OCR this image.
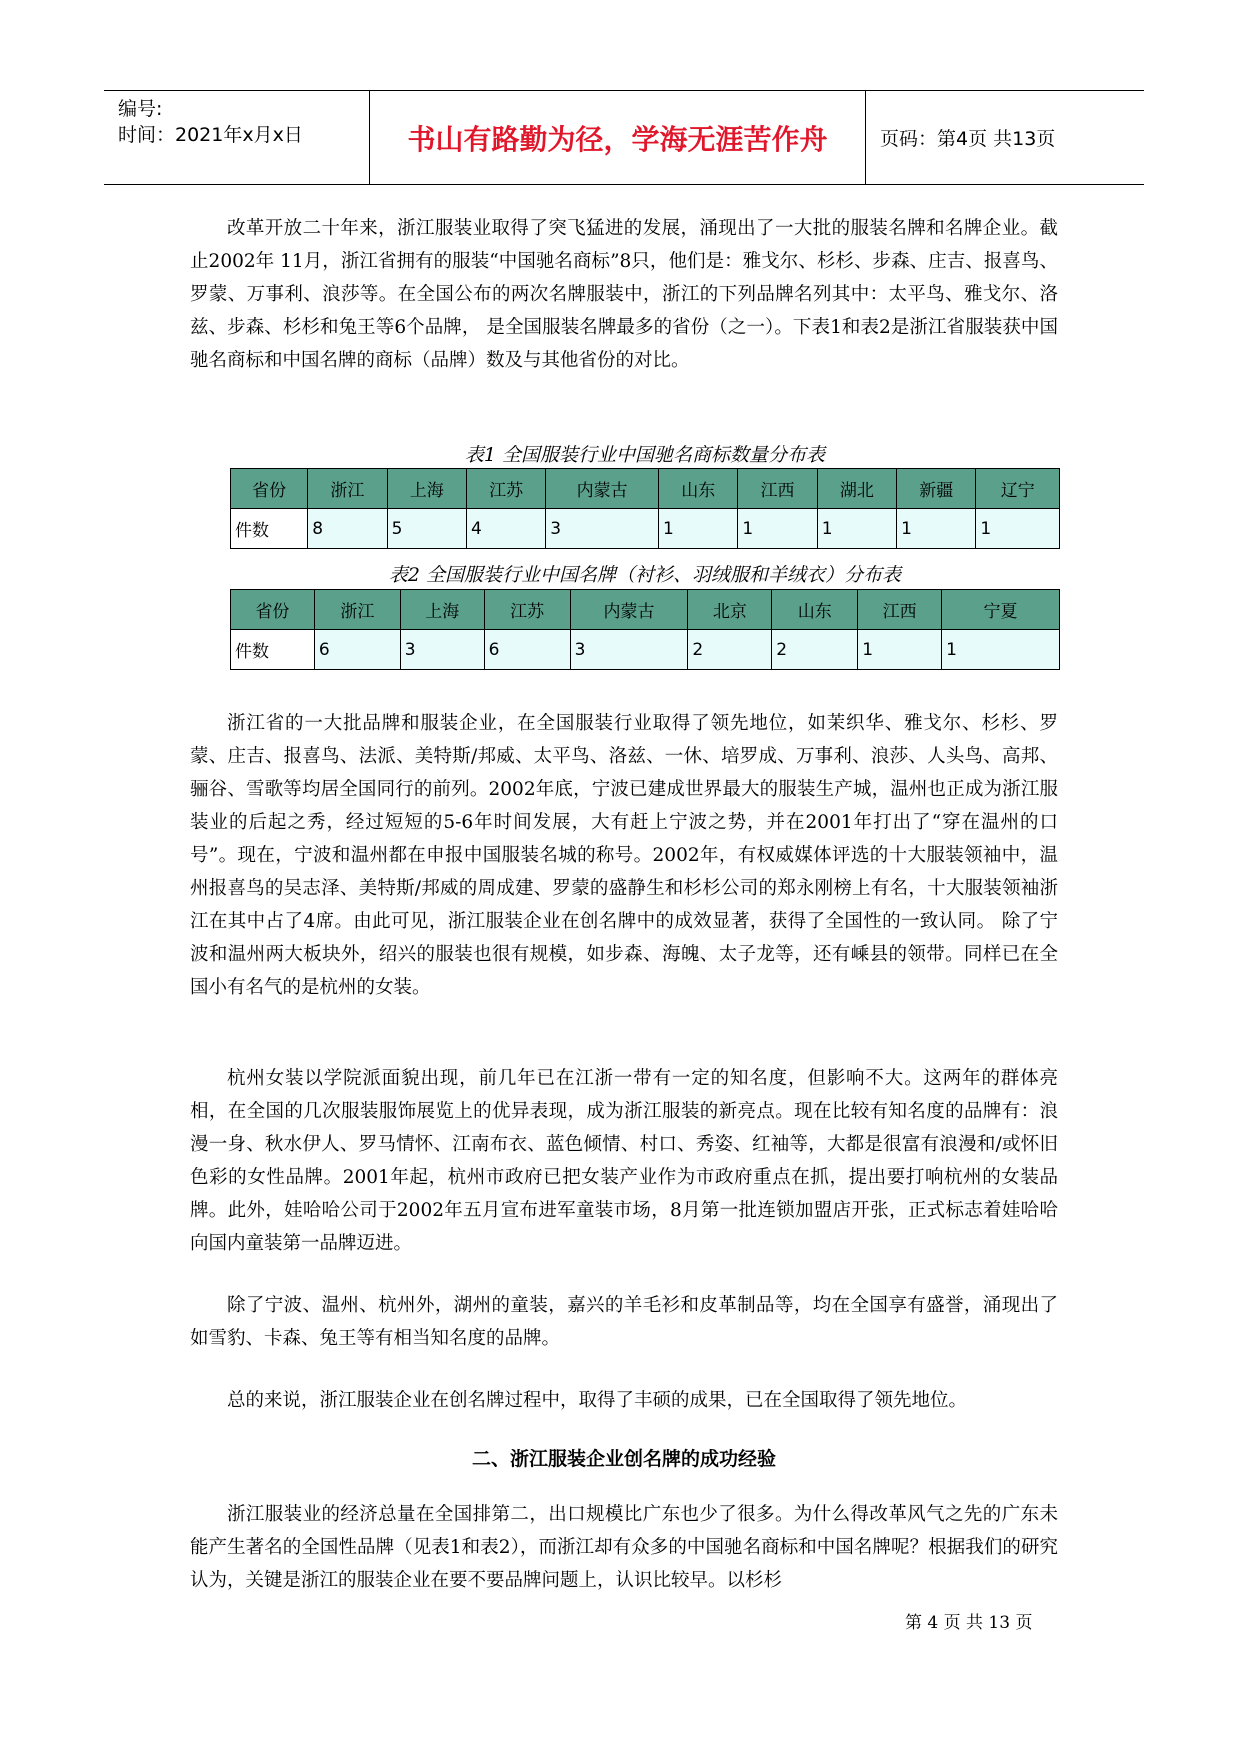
编号:
时间：2021年x月x日	书山有路勤为径，学海无涯苦作舟	页码：第4页 共13页

改革开放二十年来，浙江服装业取得了突飞猛进的发展，涌现出了一大批的服装名牌和名牌企业。截止2002年 11月，浙江省拥有的服装“中国驰名商标”8只，他们是：雅戈尔、杉杉、步森、庄吉、报喜鸟、罗蒙、万事利、浪莎等。在全国公布的两次名牌服装中，浙江的下列品牌名列其中：太平鸟、雅戈尔、洛兹、步森、杉杉和兔王等6个品牌， 是全国服装名牌最多的省份（之一）。下表1和表2是浙江省服装获中国驰名商标和中国名牌的商标（品牌）数及与其他省份的对比。

表1 全国服装行业中国驰名商标数量分布表
省份	浙江	上海	江苏	内蒙古	山东	江西	湖北	新疆	辽宁
件数	8	5	4	3	1	1	1	1	1
表2 全国服装行业中国名牌（衬衫、羽绒服和羊绒衣）分布表
省份	浙江	上海	江苏	内蒙古	北京	山东	江西	宁夏
件数	6	3	6	3	2	2	1	1

浙江省的一大批品牌和服装企业，在全国服装行业取得了领先地位，如茉织华、雅戈尔、杉杉、罗蒙、庄吉、报喜鸟、法派、美特斯/邦威、太平鸟、洛兹、一休、培罗成、万事利、浪莎、人头鸟、高邦、骊谷、雪歌等均居全国同行的前列。2002年底，宁波已建成世界最大的服装生产城，温州也正成为浙江服装业的后起之秀，经过短短的5-6年时间发展，大有赶上宁波之势，并在2001年打出了“穿在温州的口号”。现在，宁波和温州都在申报中国服装名城的称号。2002年，有权威媒体评选的十大服装领袖中，温州报喜鸟的吴志泽、美特斯/邦威的周成建、罗蒙的盛静生和杉杉公司的郑永刚榜上有名，十大服装领袖浙江在其中占了4席。由此可见，浙江服装企业在创名牌中的成效显著，获得了全国性的一致认同。 除了宁波和温州两大板块外，绍兴的服装也很有规模，如步森、海魄、太子龙等，还有嵊县的领带。同样已在全国小有名气的是杭州的女装。

杭州女装以学院派面貌出现，前几年已在江浙一带有一定的知名度，但影响不大。这两年的群体亮相，在全国的几次服装服饰展览上的优异表现，成为浙江服装的新亮点。现在比较有知名度的品牌有：浪漫一身、秋水伊人、罗马情怀、江南布衣、蓝色倾情、村口、秀姿、红袖等，大都是很富有浪漫和/或怀旧色彩的女性品牌。2001年起，杭州市政府已把女装产业作为市政府重点在抓，提出要打响杭州的女装品牌。此外，娃哈哈公司于2002年五月宣布进军童装市场，8月第一批连锁加盟店开张，正式标志着娃哈哈向国内童装第一品牌迈进。

除了宁波、温州、杭州外，湖州的童装，嘉兴的羊毛衫和皮革制品等，均在全国享有盛誉，涌现出了如雪豹、卡森、兔王等有相当知名度的品牌。

总的来说，浙江服装企业在创名牌过程中，取得了丰硕的成果，已在全国取得了领先地位。

二、浙江服装企业创名牌的成功经验

浙江服装业的经济总量在全国排第二，出口规模比广东也少了很多。为什么得改革风气之先的广东未能产生著名的全国性品牌（见表1和表2），而浙江却有众多的中国驰名商标和中国名牌呢？根据我们的研究认为，关键是浙江的服装企业在要不要品牌问题上，认识比较早。以杉杉

第 4 页 共 13 页
